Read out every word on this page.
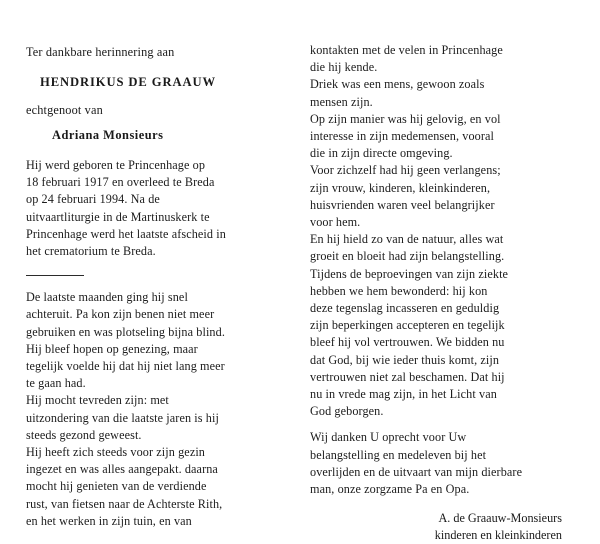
Ter dankbare herinnering aan
HENDRIKUS DE GRAAUW
echtgenoot van
Adriana Monsieurs

Hij werd geboren te Princenhage op
18 februari 1917 en overleed te Breda
op 24 februari 1994. Na de
uitvaartliturgie in de Martinuskerk te
Princenhage werd het laatste afscheid in
het crematorium te Breda.

De laatste maanden ging hij snel
achteruit. Pa kon zijn benen niet meer
gebruiken en was plotseling bijna blind.
Hij bleef hopen op genezing, maar
tegelijk voelde hij dat hij niet lang meer
te gaan had.

Hij mocht tevreden zijn: met
uitzondering van die laatste jaren is hij
steeds gezond geweest.

Hij heeft zich steeds voor zijn gezin
ingezet en was alles aangepakt. daarna
mocht hij genieten van de verdiende
rust, van fietsen naar de Achterste Rith,
en het werken in zijn tuin, en van

kontakten met de velen in Princenhage
die hij kende.

Driek was een mens, gewoon zoals
mensen zijn.

Op zijn manier was hij gelovig, en vol
interesse in zijn medemensen, vooral
die in zijn directe omgeving.

Voor zichzelf had hij geen verlangens;
zijn vrouw, kinderen, kleinkinderen,
huisvrienden waren veel belangrijker
voor hem.

En hij hield zo van de natuur, alles wat
groeit en bloeit had zijn belangstelling.

Tijdens de beproevingen van zijn ziekte
hebben we hem bewonderd: hij kon
deze tegenslag incasseren en geduldig
zijn beperkingen accepteren en tegelijk
bleef hij vol vertrouwen. We bidden nu
dat God, bij wie ieder thuis komt, zijn
vertrouwen niet zal beschamen. Dat hij
nu in vrede mag zijn, in het Licht van
God geborgen.

Wij danken U oprecht voor Uw
belangstelling en medeleven bij het
overlijden en de uitvaart van mijn dierbare
man, onze zorgzame Pa en Opa.

A. de Graauw-Monsieurs
kinderen en kleinkinderen
